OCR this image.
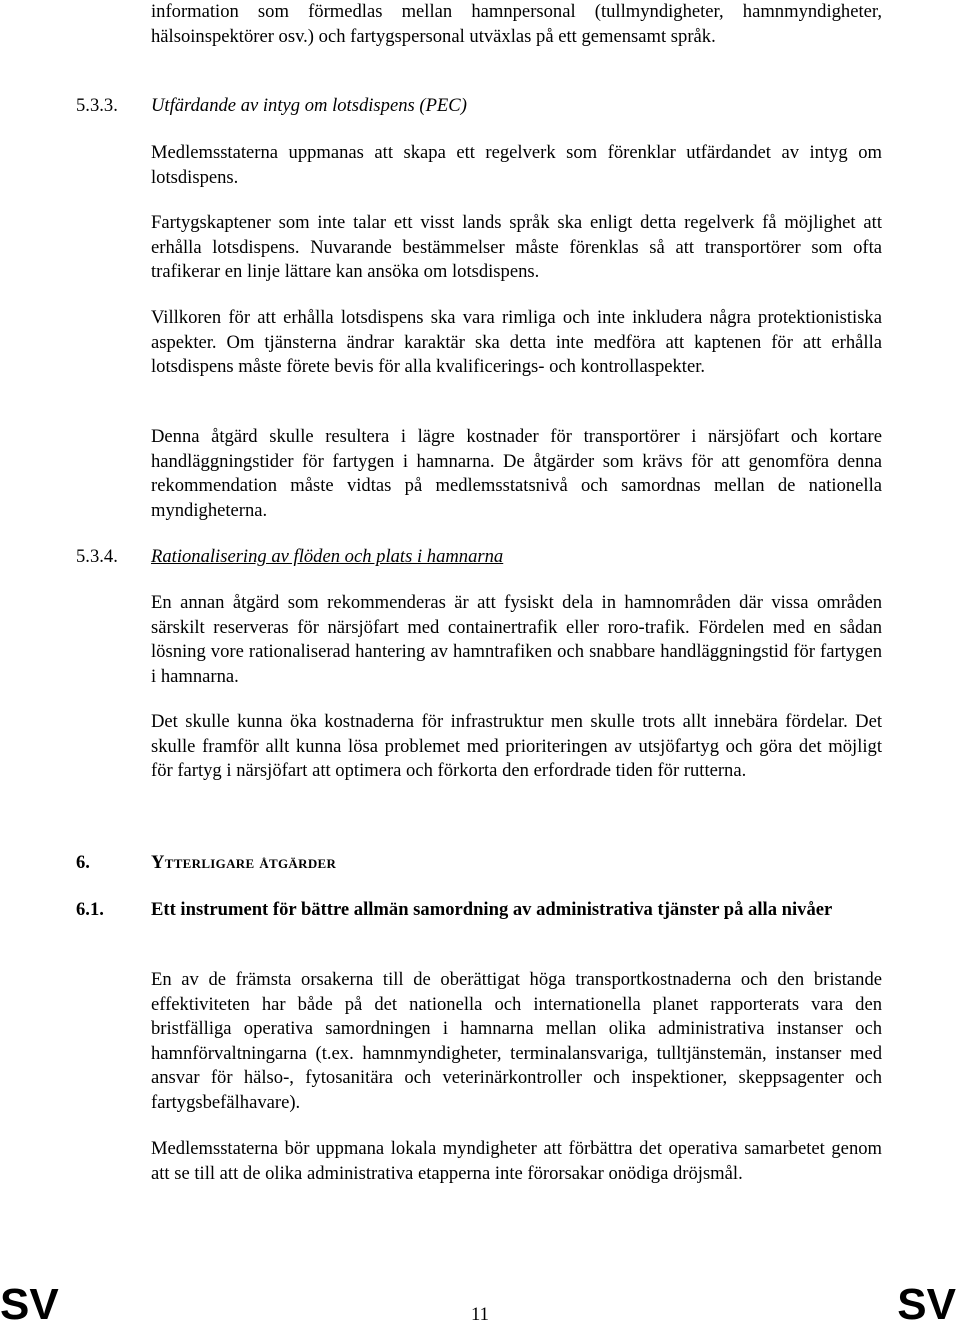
information som förmedlas mellan hamnpersonal (tullmyndigheter, hamnmyndigheter, hälsoinspektörer osv.) och fartygspersonal utväxlas på ett gemensamt språk.

5.3.3. Utfärdande av intyg om lotsdispens (PEC)

Medlemsstaterna uppmanas att skapa ett regelverk som förenklar utfärdandet av intyg om lotsdispens.

Fartygskaptener som inte talar ett visst lands språk ska enligt detta regelverk få möjlighet att erhålla lotsdispens. Nuvarande bestämmelser måste förenklas så att transportörer som ofta trafikerar en linje lättare kan ansöka om lotsdispens.

Villkoren för att erhålla lotsdispens ska vara rimliga och inte inkludera några protektionistiska aspekter. Om tjänsterna ändrar karaktär ska detta inte medföra att kaptenen för att erhålla lotsdispens måste förete bevis för alla kvalificerings- och kontrollaspekter.

Denna åtgärd skulle resultera i lägre kostnader för transportörer i närsjöfart och kortare handläggningstider för fartygen i hamnarna. De åtgärder som krävs för att genomföra denna rekommendation måste vidtas på medlemsstatsnivå och samordnas mellan de nationella myndigheterna.

5.3.4. Rationalisering av flöden och plats i hamnarna

En annan åtgärd som rekommenderas är att fysiskt dela in hamnområden där vissa områden särskilt reserveras för närsjöfart med containertrafik eller roro-trafik. Fördelen med en sådan lösning vore rationaliserad hantering av hamntrafiken och snabbare handläggningstid för fartygen i hamnarna.

Det skulle kunna öka kostnaderna för infrastruktur men skulle trots allt innebära fördelar. Det skulle framför allt kunna lösa problemet med prioriteringen av utsjöfartyg och göra det möjligt för fartyg i närsjöfart att optimera och förkorta den erfordrade tiden för rutterna.

6.	Ytterligare åtgärder

6.1.	Ett instrument för bättre allmän samordning av administrativa tjänster på alla nivåer

En av de främsta orsakerna till de oberättigat höga transportkostnaderna och den bristande effektiviteten har både på det nationella och internationella planet rapporterats vara den bristfälliga operativa samordningen i hamnarna mellan olika administrativa instanser och hamnförvaltningarna (t.ex. hamnmyndigheter, terminalansvariga, tulltjänstemän, instanser med ansvar för hälso-, fytosanitära och veterinärkontroller och inspektioner, skeppsagenter och fartygsbefälhavare).

Medlemsstaterna bör uppmana lokala myndigheter att förbättra det operativa samarbetet genom att se till att de olika administrativa etapperna inte förorsakar onödiga dröjsmål.

SV	11	SV
